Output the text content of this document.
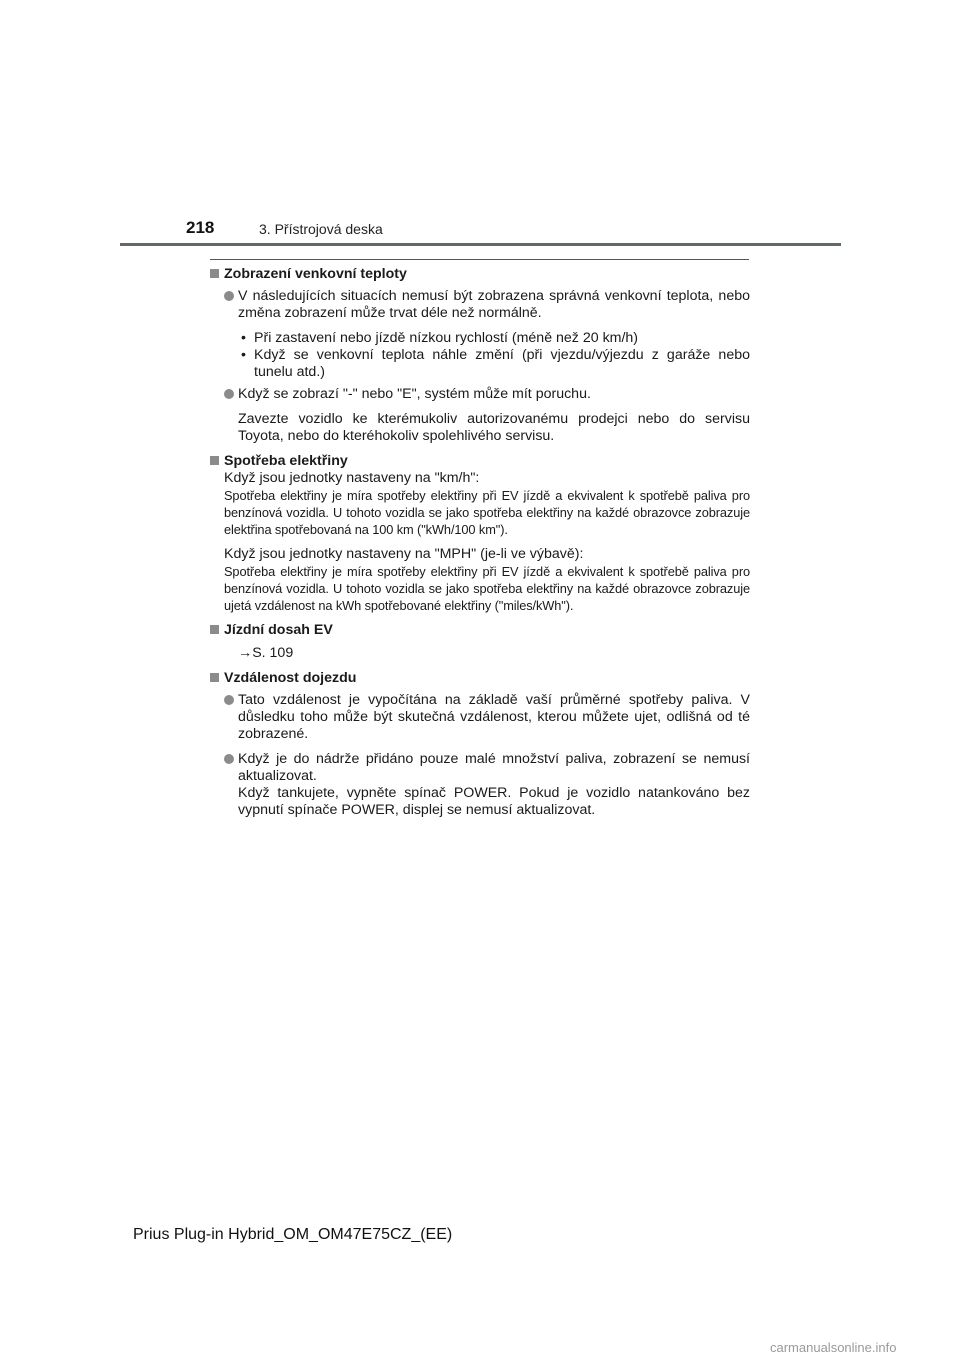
218	3. Přístrojová deska
Zobrazení venkovní teploty
V následujících situacích nemusí být zobrazena správná venkovní teplota, nebo změna zobrazení může trvat déle než normálně.
• Při zastavení nebo jízdě nízkou rychlostí (méně než 20 km/h)
• Když se venkovní teplota náhle změní (při vjezdu/výjezdu z garáže nebo tunelu atd.)
Když se zobrazí "-" nebo "E", systém může mít poruchu.
Zavezte vozidlo ke kterémukoliv autorizovanému prodejci nebo do servisu Toyota, nebo do kteréhokoliv spolehlivého servisu.
Spotřeba elektřiny
Když jsou jednotky nastaveny na "km/h":
Spotřeba elektřiny je míra spotřeby elektřiny při EV jízdě a ekvivalent k spotřebě paliva pro benzínová vozidla. U tohoto vozidla se jako spotřeba elektřiny na každé obrazovce zobrazuje elektřina spotřebovaná na 100 km ("kWh/100 km").
Když jsou jednotky nastaveny na "MPH" (je-li ve výbavě):
Spotřeba elektřiny je míra spotřeby elektřiny při EV jízdě a ekvivalent k spotřebě paliva pro benzínová vozidla. U tohoto vozidla se jako spotřeba elektřiny na každé obrazovce zobrazuje ujetá vzdálenost na kWh spotřebované elektřiny ("miles/kWh").
Jízdní dosah EV
→S. 109
Vzdálenost dojezdu
Tato vzdálenost je vypočítána na základě vaší průměrné spotřeby paliva. V důsledku toho může být skutečná vzdálenost, kterou můžete ujet, odlišná od té zobrazené.
Když je do nádrže přidáno pouze malé množství paliva, zobrazení se nemusí aktualizovat.
Když tankujete, vypněte spínač POWER. Pokud je vozidlo natankováno bez vypnutí spínače POWER, displej se nemusí aktualizovat.
Prius Plug-in Hybrid_OM_OM47E75CZ_(EE)
carmanualsonline.info
